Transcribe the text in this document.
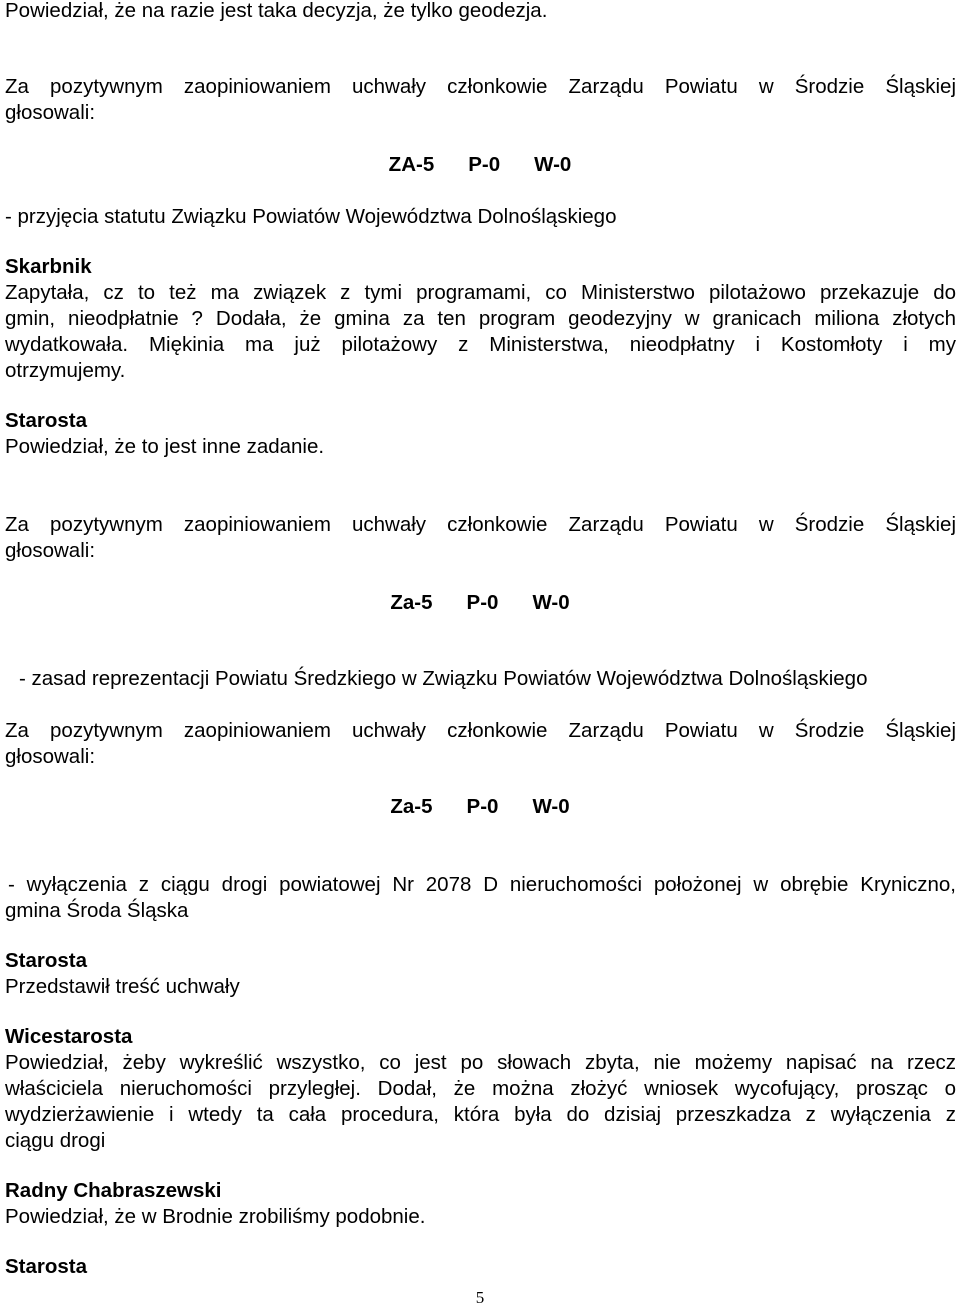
Powiedział, że na razie jest taka decyzja, że tylko geodezja.

Za pozytywnym zaopiniowaniem uchwały członkowie Zarządu Powiatu w Środzie Śląskiej
głosowali:
ZA-5 P-0 W-0

- przyjęcia statutu Związku Powiatów Województwa Dolnośląskiego

Skarbnik

Zapytała, cz to też ma związek z tymi programami, co Ministerstwo pilotażowo przekazuje do
gmin, nieodpłatnie ? Dodała, że gmina za ten program geodezyjny w granicach miliona złotych
wydatkowała. Miękinia ma już pilotażowy z Ministerstwa, nieodpłatny i Kostomłoty i my
otrzymujemy.

Starosta

Powiedział, że to jest inne zadanie.

Za pozytywnym zaopiniowaniem uchwały członkowie Zarządu Powiatu w Środzie Śląskiej
głosowali:
Za-5 P-0 W-0

- zasad reprezentacji Powiatu Średzkiego w Związku Powiatów Województwa Dolnośląskiego

Za pozytywnym zaopiniowaniem uchwały członkowie Zarządu Powiatu w Środzie Śląskiej
głosowali:
Za-5 P-0 W-0
- wyłączenia z ciągu drogi powiatowej Nr 2078 D nieruchomości położonej w obrębie Kryniczno,
gmina Środa Śląska

Starosta

Przedstawił treść uchwały

Wicestarosta

Powiedział, żeby wykreślić wszystko, co jest po słowach zbyta, nie możemy napisać na rzecz
właściciela nieruchomości przyległej. Dodał, że można złożyć wniosek wycofujący, prosząc o
wydzierżawienie i wtedy ta cała procedura, która była do dzisiaj przeszkadza z wyłączenia z
ciągu drogi

Radny Chabraszewski

Powiedział, że w Brodnie zrobiliśmy podobnie.

Starosta

5
